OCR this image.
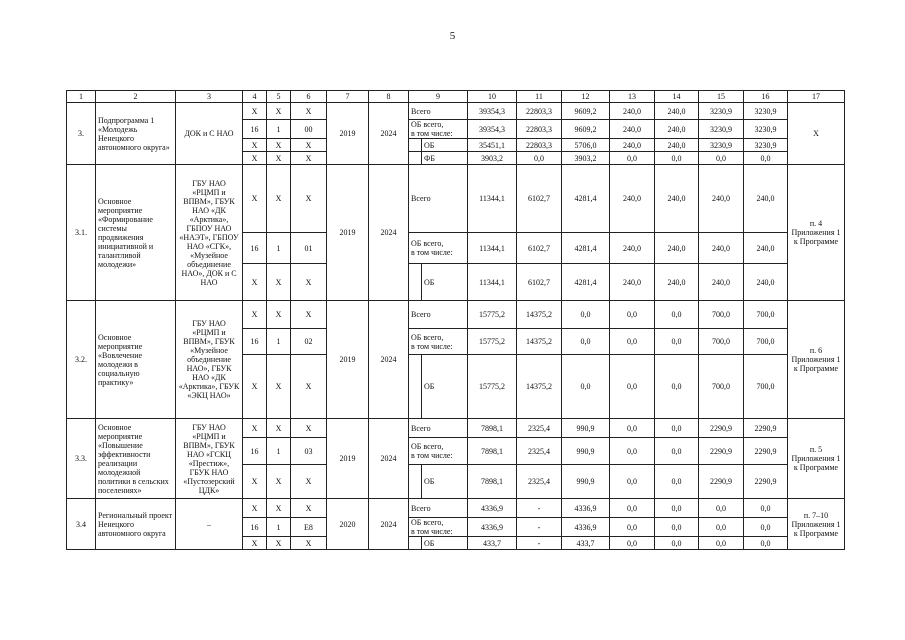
5
1	2	3	4	5	6	7	8	9		10	11	12	13	14	15	16	17
3.	Подпрограмма 1 «Молодежь Ненецкого автономного округа»	ДОК и С НАО	X	X	X	2019	2024	Всего		39354,3	22803,3	9609,2	240,0	240,0	3230,9	3230,9	X
			16	1	00			ОБ всего,
в том числе:		39354,3	22803,3	9609,2	240,0	240,0	3230,9	3230,9	
			X	X	X				ОБ	35451,1	22803,3	5706,0	240,0	240,0	3230,9	3230,9	
			X	X	X				ФБ	3903,2	0,0	3903,2	0,0	0,0	0,0	0,0	
3.1.	Основное мероприятие «Формирование системы продвижения инициативной и талантливой молодежи»	ГБУ НАО «РЦМП и ВПВМ», ГБУК НАО «ДК «Арктика», ГБПОУ НАО «НАЭТ», ГБПОУ НАО «СГК», «Музейное объединение НАО», ДОК и С НАО	X	X	X	2019	2024	Всего		11344,1	6102,7	4281,4	240,0	240,0	240,0	240,0	п. 4 Приложения 1 к Программе
			16	1	01			ОБ всего,
в том числе:		11344,1	6102,7	4281,4	240,0	240,0	240,0	240,0	
			X	X	X				ОБ	11344,1	6102,7	4281,4	240,0	240,0	240,0	240,0	
3.2.	Основное мероприятие «Вовлечение молодежи в социальную практику»	ГБУ НАО «РЦМП и ВПВМ», ГБУК «Музейное объединение НАО», ГБУК НАО «ДК «Арктика», ГБУК «ЭКЦ НАО»	X	X	X	2019	2024	Всего		15775,2	14375,2	0,0	0,0	0,0	700,0	700,0	п. 6 Приложения 1 к Программе
			16	1	02			ОБ всего,
в том числе:		15775,2	14375,2	0,0	0,0	0,0	700,0	700,0	
			X	X	X				ОБ	15775,2	14375,2	0,0	0,0	0,0	700,0	700,0	
3.3.	Основное мероприятие «Повышение эффективности реализации молодежной политики в сельских поселениях»	ГБУ НАО «РЦМП и ВПВМ», ГБУК НАО «ГСКЦ «Престиж», ГБУК НАО «Пустозерский ЦДК»	X	X	X	2019	2024	Всего		7898,1	2325,4	990,9	0,0	0,0	2290,9	2290,9	п. 5 Приложения 1 к Программе
			16	1	03			ОБ всего,
в том числе:		7898,1	2325,4	990,9	0,0	0,0	2290,9	2290,9	
			X	X	X				ОБ	7898,1	2325,4	990,9	0,0	0,0	2290,9	2290,9	
3.4	Региональный проект Ненецкого автономного округа	–	X	X	X	2020	2024	Всего		4336,9	-	4336,9	0,0	0,0	0,0	0,0	п. 7–10 Приложения 1 к Программе
			16	1	E8			ОБ всего,
в том числе:		4336,9	-	4336,9	0,0	0,0	0,0	0,0	
			X	X	X				ОБ	433,7	-	433,7	0,0	0,0	0,0	0,0	
